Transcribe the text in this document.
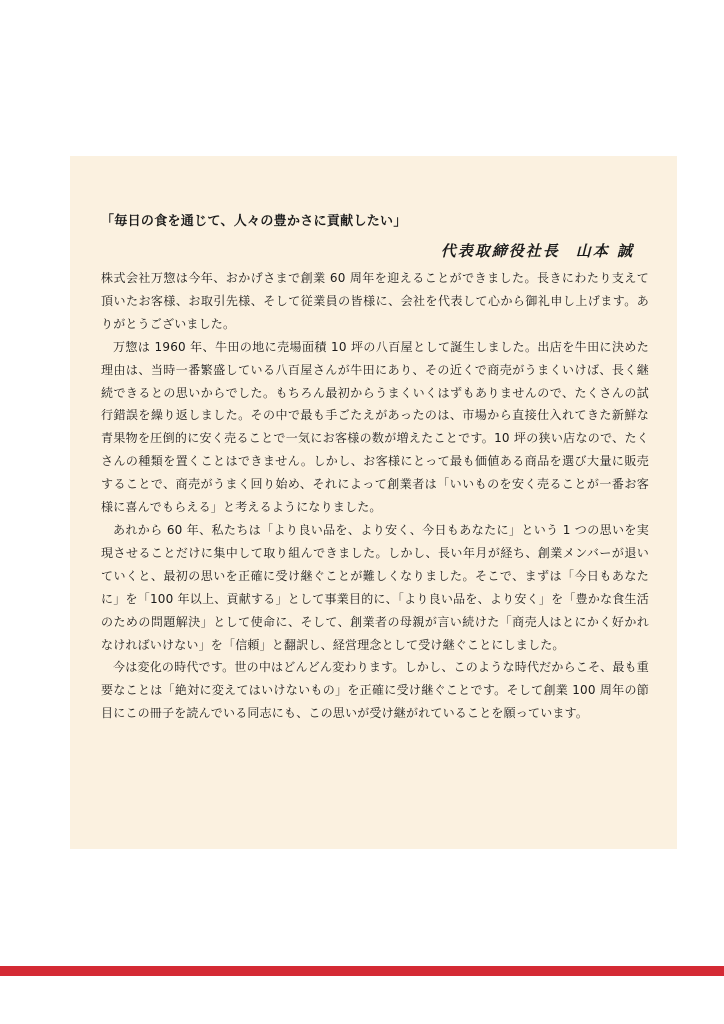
「毎日の食を通じて、人々の豊かさに貢献したい」
代表取締役社長 山本 誠

株式会社万惣は今年、おかげさまで創業 60 周年を迎えることができました。長きにわたり支えて頂いたお客様、お取引先様、そして従業員の皆様に、会社を代表して心から御礼申し上げます。ありがとうございました。

万惣は 1960 年、牛田の地に売場面積 10 坪の八百屋として誕生しました。出店を牛田に決めた理由は、当時一番繁盛している八百屋さんが牛田にあり、その近くで商売がうまくいけば、長く継続できるとの思いからでした。もちろん最初からうまくいくはずもありませんので、たくさんの試行錯誤を繰り返しました。その中で最も手ごたえがあったのは、市場から直接仕入れてきた新鮮な青果物を圧倒的に安く売ることで一気にお客様の数が増えたことです。10 坪の狭い店なので、たくさんの種類を置くことはできません。しかし、お客様にとって最も価値ある商品を選び大量に販売することで、商売がうまく回り始め、それによって創業者は「いいものを安く売ることが一番お客様に喜んでもらえる」と考えるようになりました。

あれから 60 年、私たちは「より良い品を、より安く、今日もあなたに」という 1 つの思いを実現させることだけに集中して取り組んできました。しかし、長い年月が経ち、創業メンバーが退いていくと、最初の思いを正確に受け継ぐことが難しくなりました。そこで、まずは「今日もあなたに」を「100 年以上、貢献する」として事業目的に、「より良い品を、より安く」を「豊かな食生活のための問題解決」として使命に、そして、創業者の母親が言い続けた「商売人はとにかく好かれなければいけない」を「信頼」と翻訳し、経営理念として受け継ぐことにしました。

今は変化の時代です。世の中はどんどん変わります。しかし、このような時代だからこそ、最も重要なことは「絶対に変えてはいけないもの」を正確に受け継ぐことです。そして創業 100 周年の節目にこの冊子を読んでいる同志にも、この思いが受け継がれていることを願っています。
